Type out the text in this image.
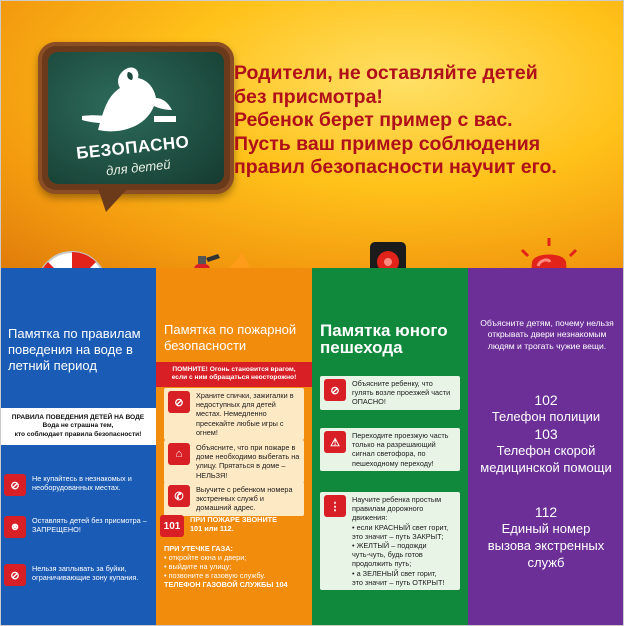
БЕЗОПАСНО
для детей
Родители, не оставляйте детей
без присмотра!
Ребенок берет пример с вас.
Пусть ваш пример соблюдения
правил безопасности научит его.
Памятка по правилам поведения на воде в летний период
ПРАВИЛА ПОВЕДЕНИЯ ДЕТЕЙ НА ВОДЕ
Вода не страшна тем,
кто соблюдает правила безопасности!
⊘
Не купайтесь в незнакомых и необорудованных местах.
☻
Оставлять детей без присмотра – ЗАПРЕЩЕНО!
⊘
Нельзя заплывать за буйки, ограничивающие зону купания.
Памятка по пожарной безопасности
ПОМНИТЕ! Огонь становится врагом,
если с ним обращаться неосторожно!
⊘
Храните спички, зажигалки в недоступных для детей местах. Немедленно пресекайте любые игры с огнем!
⌂
Объясните, что при пожаре в доме необходимо выбегать на улицу. Прятаться в доме – НЕЛЬЗЯ!
✆
Выучите с ребенком номера экстренных служб и домашний адрес.
101
ПРИ ПОЖАРЕ ЗВОНИТЕ
101 или 112.
ПРИ УТЕЧКЕ ГАЗА:
• откройте окна и двери;
• выйдите на улицу;
• позвоните в газовую службу.
ТЕЛЕФОН ГАЗОВОЙ СЛУЖБЫ 104
Памятка юного пешехода
⊘
Объясните ребенку, что гулять возле проезжей части ОПАСНО!
⚠
Переходите проезжую часть только на разрешающий сигнал светофора, по пешеходному переходу!
⋮
Научите ребенка простым правилам дорожного движения:
• если КРАСНЫЙ свет горит,
это значит – путь ЗАКРЫТ;
• ЖЕЛТЫЙ – подожди
чуть-чуть, будь готов
продолжить путь;
• а ЗЕЛЕНЫЙ свет горит,
это значит – путь ОТКРЫТ!
Объясните детям, почему нельзя открывать двери незнакомым людям и трогать чужие вещи.
102
Телефон полиции
103
Телефон скорой
медицинской помощи
112
Единый номер
вызова экстренных
служб
